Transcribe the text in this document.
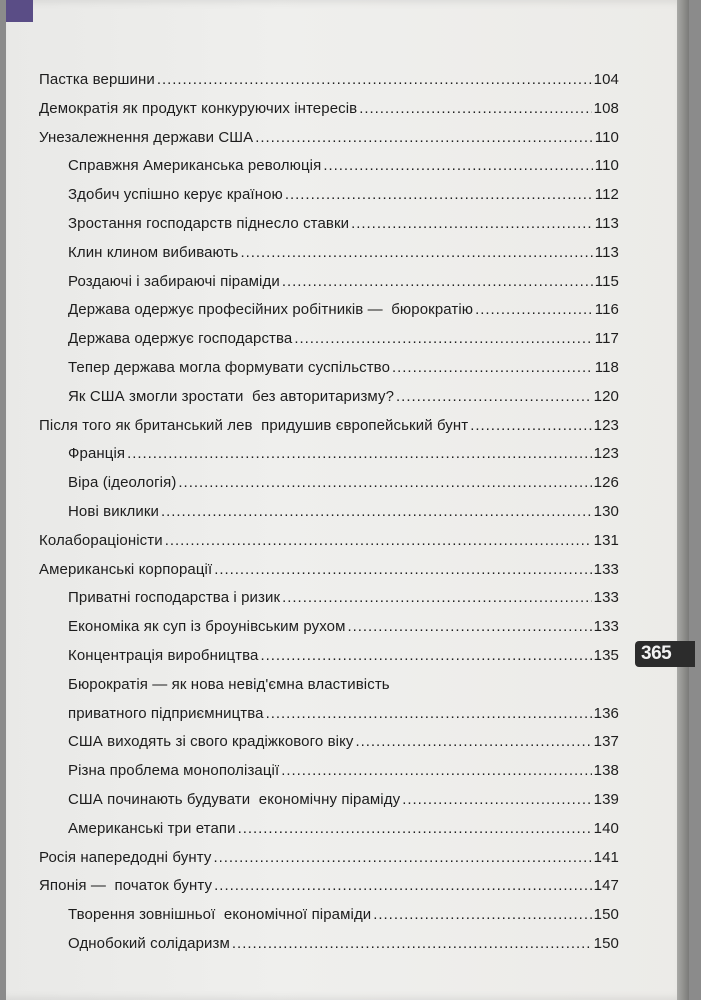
Пастка вершини . . .	104
Демократія як продукт конкуруючих інтересів . . .	108
Унезалежнення держави США . . .	110
Справжня Американська революція . . .	110
Здобич успішно керує країною . . .	112
Зростання господарств піднесло ставки . . .	113
Клин клином вибивають . . .	113
Роздаючі і забираючі піраміди . . .	115
Держава одержує професійних робітників —  бюрократію . . .	116
Держава одержує господарства . . .	117
Тепер держава могла формувати суспільство . . .	118
Як США змогли зростати  без авторитаризму? . . .	120
Після того як британський лев  придушив європейський бунт . . .	123
Франція . . .	123
Віра (ідеологія) . . .	126
Нові виклики . . .	130
Колабораціоністи . . .	131
Американські корпорації . . .	133
Приватні господарства і ризик . . .	133
Економіка як суп із броунівським рухом . . .	133
Концентрація виробництва . . .	135
Бюрократія — як нова невід'ємна властивість
приватного підприємництва . . .	136
США виходять зі свого крадіжкового віку . . .	137
Різна проблема монополізації . . .	138
США починають будувати  економічну піраміду . . .	139
Американські три етапи . . .	140
Росія напередодні бунту . . .	141
Японія —  початок бунту . . .	147
Творення зовнішньої  економічної піраміди . . .	150
Однобокий солідаризм . . .	150
365
